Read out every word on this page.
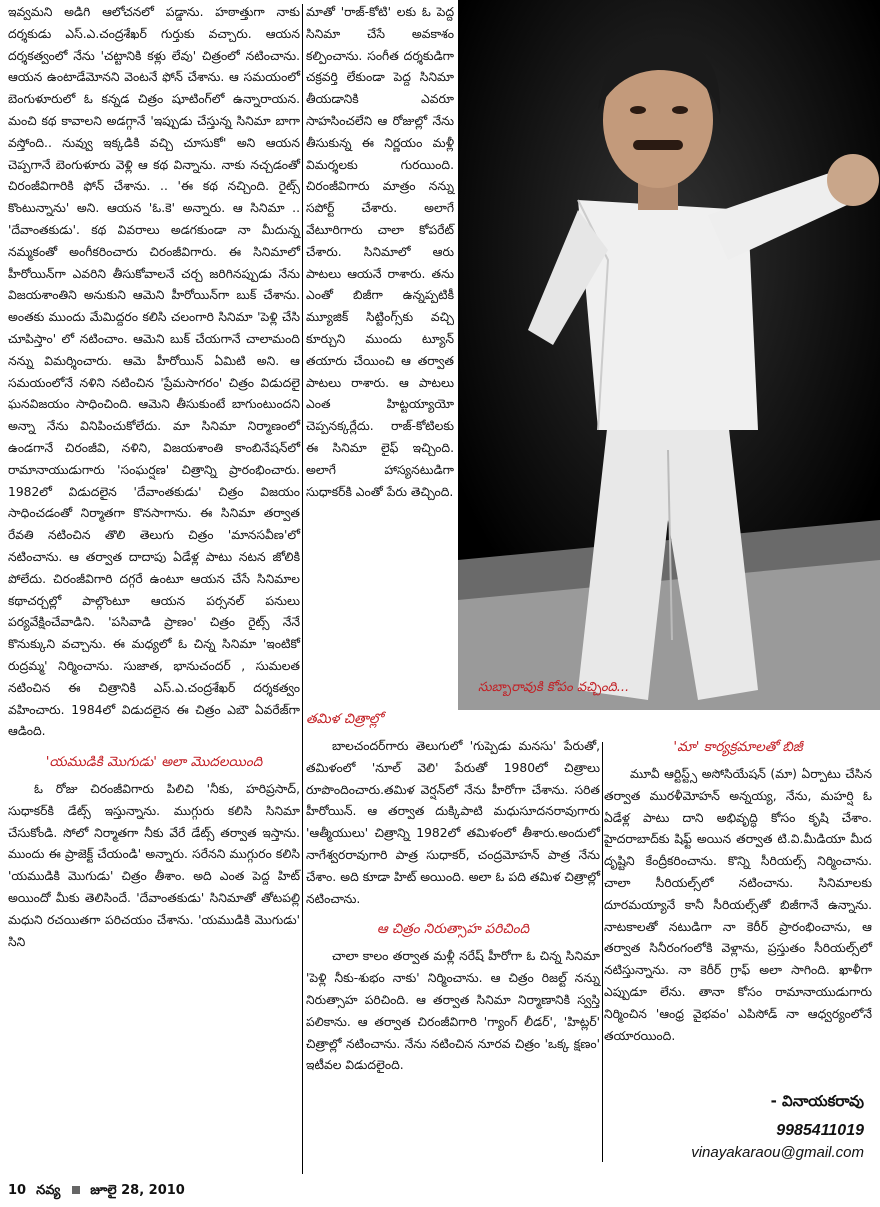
ఇవ్వమని అడిగి ఆలోచనలో పడ్డాను. హఠాత్తుగా నాకు దర్శకుడు ఎస్.ఎ.చంద్రశేఖర్ గుర్తుకు వచ్చారు. ఆయన దర్శకత్వంలో నేను 'చట్టానికి కళ్లు లేవు' చిత్రంలో నటించాను. ఆయన ఉంటాడేమోనని వెంటనే ఫోన్ చేశాను. ఆ సమయంలో బెంగుళూరులో ఓ కన్నడ చిత్రం షూటింగ్‌లో ఉన్నారాయన. మంచి కథ కావాలని అడగ్గానే 'ఇప్పుడు చేస్తున్న సినిమా బాగా వస్తోంది.. నువ్వు ఇక్కడికి వచ్చి చూసుకో' అని ఆయన చెప్పగానే బెంగుళూరు వెళ్లి ఆ కథ విన్నాను. నాకు నచ్చడంతో చిరంజీవిగారికి ఫోన్ చేశాను. .. 'ఈ కథ నచ్చింది. రైట్స్ కొంటున్నాను' అని. ఆయన 'ఓ.కె' అన్నారు. ఆ సినిమా .. 'దేవాంతకుడు'. కథ వివరాలు అడగకుండా నా మీదున్న నమ్మకంతో అంగీకరించారు చిరంజీవిగారు. ఈ సినిమాలో హీరోయిన్‌గా ఎవరిని తీసుకోవాలనే చర్చ జరిగినప్పుడు నేను విజయశాంతిని అనుకుని ఆమెని హీరోయిన్‌గా బుక్ చేశాను. అంతకు ముందు మేమిద్దరం కలిసి చలంగారి సినిమా 'పెళ్లి చేసి చూపిస్తాం' లో నటించాం. ఆమెని బుక్ చేయగానే చాలామంది నన్ను విమర్శించారు. ఆమె హీరోయిన్ ఏమిటి అని. ఆ సమయంలోనే నళిని నటించిన 'ప్రేమసాగరం' చిత్రం విడుదలై ఘనవిజయం సాధించింది. ఆమెని తీసుకుంటే బాగుంటుందని అన్నా నేను వినిపించుకోలేదు. మా సినిమా నిర్మాణంలో ఉండగానే చిరంజీవి, నళిని, విజయశాంతి కాంబినేషన్‌లో రామానాయుడుగారు 'సంఘర్షణ' చిత్రాన్ని ప్రారంభించారు. 1982లో విడుదలైన 'దేవాంతకుడు' చిత్రం విజయం సాధించడంతో నిర్మాతగా కొనసాగాను. ఈ సినిమా తర్వాత రేవతి నటించిన తొలి తెలుగు చిత్రం 'మానసవీణ'లో నటించాను. ఆ తర్వాత దాదాపు ఏడేళ్ల పాటు నటన జోలికి పోలేదు. చిరంజీవిగారి దగ్గరే ఉంటూ ఆయన చేసే సినిమాల కథాచర్చల్లో పాల్గొంటూ ఆయన పర్సనల్ పనులు పర్యవేక్షించేవాడిని. 'పసివాడి ప్రాణం' చిత్రం రైట్స్ నేనే కొనుక్కుని వచ్చాను. ఈ మధ్యలో ఓ చిన్న సినిమా 'ఇంటికో రుద్రమ్మ' నిర్మించాను. సుజాత, భానుచందర్ , సుమలత నటించిన ఈ చిత్రానికి ఎస్.ఎ.చంద్రశేఖర్ దర్శకత్వం వహించారు. 1984లో విడుదలైన ఈ చిత్రం ఎబౌ ఏవరేజ్‌గా ఆడింది.

'యముడికి మొగుడు' అలా మొదలయింది

ఓ రోజు చిరంజీవిగారు పిలిచి 'నీకు, హరిప్రసాద్, సుధాకర్‌కి డేట్స్ ఇస్తున్నాను. ముగ్గురు కలిసి సినిమా చేసుకోండి. సోలో నిర్మాతగా నీకు వేరే డేట్స్ తర్వాత ఇస్తాను. ముందు ఈ ప్రాజెక్ట్ చేయండి' అన్నారు. సరేనని ముగ్గురం కలిసి 'యముడికి మొగుడు' చిత్రం తీశాం. అది ఎంత పెద్ద హిట్ అయిందో మీకు తెలిసిందే. 'దేవాంతకుడు' సినిమాతో తోటపల్లి మధుని రచయితగా పరిచయం చేశాను. 'యముడికి మొగుడు' సిని

మాతో 'రాజ్-కోటి' లకు ఓ పెద్ద సినిమా చేసే అవకాశం కల్పించాను. సంగీత దర్శకుడిగా చక్రవర్తి లేకుండా పెద్ద సినిమా తీయడానికి ఎవరూ సాహసించలేని ఆ రోజుల్లో నేను తీసుకున్న ఈ నిర్ణయం మళ్లీ విమర్శలకు గురయింది. చిరంజీవిగారు మాత్రం నన్ను సపోర్ట్ చేశారు. అలాగే వేటూరిగారు చాలా కోపరేట్ చేశారు. సినిమాలో ఆరు పాటలు ఆయనే రాశారు. తను ఎంతో బిజీగా ఉన్నప్పటికీ మ్యూజిక్ సిట్టింగ్స్‌కు వచ్చి కూర్చుని ముందు ట్యూన్ తయారు చేయించి ఆ తర్వాత పాటలు రాశారు. ఆ పాటలు ఎంత హిట్టయ్యాయో చెప్పనక్కర్లేదు. రాజ్-కోటిలకు ఈ సినిమా లైఫ్ ఇచ్చింది. అలాగే హాస్యనటుడిగా సుధాకర్‌కి ఎంతో పేరు తెచ్చింది.

సుబ్బారావుకి కోపం వచ్చింది...
తమిళ చిత్రాల్లో

బాలచందర్‌గారు తెలుగులో 'గుప్పెడు మనసు' పేరుతో, తమిళంలో 'నూల్ వెలి' పేరుతో 1980లో చిత్రాలు రూపొందించారు.తమిళ వెర్షన్‌లో నేను హీరోగా చేశాను. సరిత హీరోయిన్. ఆ తర్వాత దుక్కిపాటి మధుసూదనరావుగారు 'ఆత్మీయులు' చిత్రాన్ని 1982లో తమిళంలో తీశారు.అందులో నాగేశ్వరరావుగారి పాత్ర సుధాకర్, చంద్రమోహన్ పాత్ర నేను చేశాం. అది కూడా హిట్ అయింది. అలా ఓ పది తమిళ చిత్రాల్లో నటించాను.

ఆ చిత్రం నిరుత్సాహ పరిచింది

చాలా కాలం తర్వాత మళ్లీ నరేష్ హీరోగా ఓ చిన్న సినిమా 'పెళ్లి నీకు-శుభం నాకు' నిర్మించాను. ఆ చిత్రం రిజల్ట్ నన్ను నిరుత్సాహ పరిచింది. ఆ తర్వాత సినిమా నిర్మాణానికి స్వస్తి పలికాను. ఆ తర్వాత చిరంజీవిగారి 'గ్యాంగ్ లీడర్', 'హిట్లర్' చిత్రాల్లో నటించాను. నేను నటించిన నూరవ చిత్రం 'ఒక్క క్షణం' ఇటీవల విడుదలైంది.

'మా' కార్యక్రమాలతో బిజీ

మూవీ ఆర్టిస్ట్స్ అసోసియేషన్ (మా) ఏర్పాటు చేసిన తర్వాత మురళీమోహన్ అన్నయ్య, నేను, మహర్షి ఓ ఏడేళ్ల పాటు దాని అభివృద్ధి కోసం కృషి చేశాం. హైదరాబాద్‌కు షిఫ్ట్ అయిన తర్వాత టి.వి.మీడియా మీద దృష్టిని కేంద్రీకరించాను. కొన్ని సీరియల్స్ నిర్మించాను. చాలా సీరియల్స్‌లో నటించాను. సినిమాలకు దూరమయ్యానే కానీ సీరియల్స్‌తో బిజీగానే ఉన్నాను. నాటకాలతో నటుడిగా నా కెరీర్ ప్రారంభించాను, ఆ తర్వాత సినీరంగంలోకి వెళ్లాను, ప్రస్తుతం సీరియల్స్‌లో నటిస్తున్నాను. నా కెరీర్ గ్రాఫ్ అలా సాగింది. ఖాళీగా ఎప్పుడూ లేను. తానా కోసం రామానాయుడుగారు నిర్మించిన 'ఆంధ్ర వైభవం' ఎపిసోడ్ నా ఆధ్వర్యంలోనే తయారయింది.

- వినాయకరావు
9985411019
vinayakaraou@gmail.com
10 నవ్య జూలై 28, 2010
